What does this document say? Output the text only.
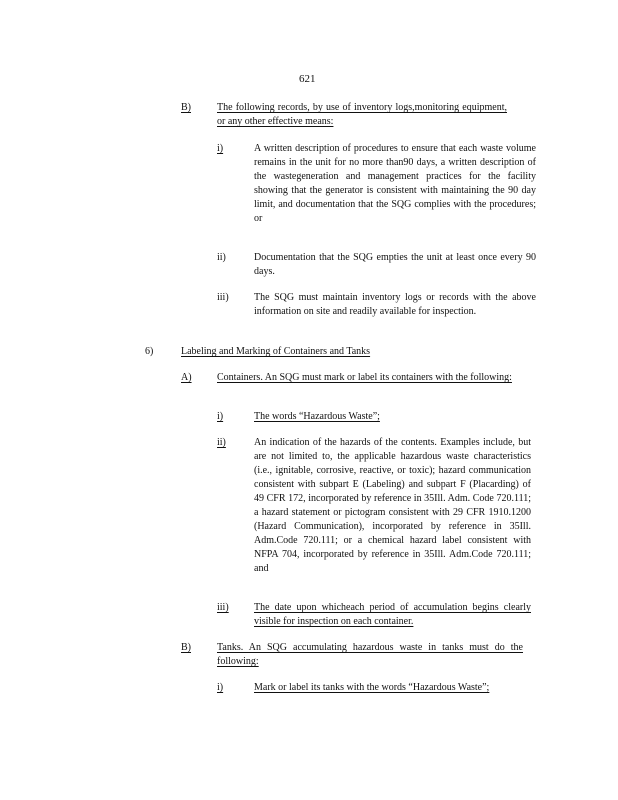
621
B)	The following records, by use of inventory logs,monitoring equipment, or any other effective means:
i)	A written description of procedures to ensure that each waste volume remains in the unit for no more than90 days, a written description of the wastegeneration and management practices for the facility showing that the generator is consistent with maintaining the 90 day limit, and documentation that the SQG complies with the procedures; or
ii)	Documentation that the SQG empties the unit at least once every 90 days.
iii)	The SQG must maintain inventory logs or records with the above information on site and readily available for inspection.
6)	Labeling and Marking of Containers and Tanks
A)	Containers. An SQG must mark or label its containers with the following:
i)	The words “Hazardous Waste”;
ii)	An indication of the hazards of the contents. Examples include, but are not limited to, the applicable hazardous waste characteristics (i.e., ignitable, corrosive, reactive, or toxic); hazard communication consistent with subpart E (Labeling) and subpart F (Placarding) of 49 CFR 172, incorporated by reference in 35Ill. Adm. Code 720.111; a hazard statement or pictogram consistent with 29 CFR 1910.1200 (Hazard Communication), incorporated by reference in 35Ill. Adm.Code 720.111; or a chemical hazard label consistent with NFPA 704, incorporated by reference in 35Ill. Adm.Code 720.111; and
iii)	The date upon whicheach period of accumulation begins clearly visible for inspection on each container.
B)	Tanks. An SQG accumulating hazardous waste in tanks must do the following:
i)	Mark or label its tanks with the words “Hazardous Waste”;
